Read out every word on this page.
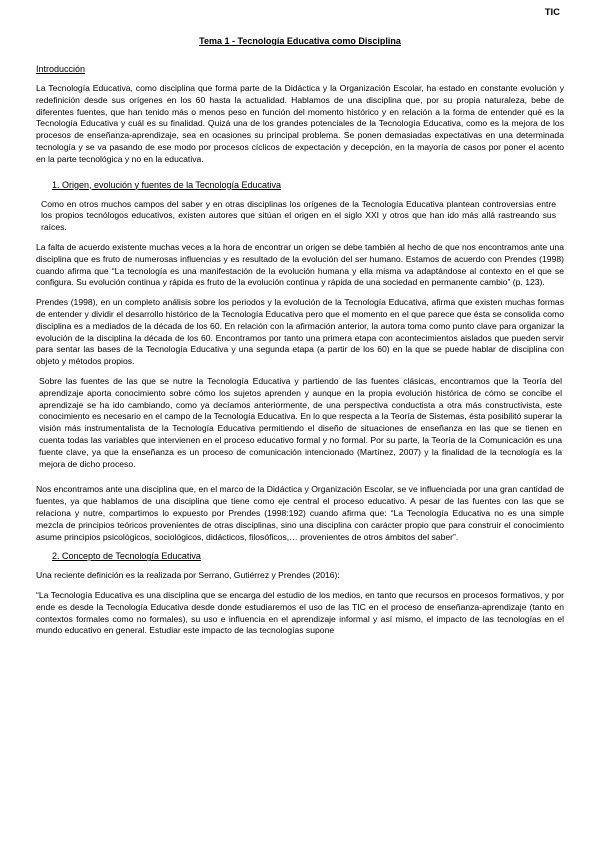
TIC
Tema 1 - Tecnología Educativa como Disciplina
Introducción

La Tecnología Educativa, como disciplina que forma parte de la Didáctica y la Organización Escolar, ha estado en constante evolución y redefinición desde sus orígenes en los 60 hasta la actualidad. Hablamos de una disciplina que, por su propia naturaleza, bebe de diferentes fuentes, que han tenido más o menos peso en función del momento histórico y en relación a la forma de entender qué es la Tecnología Educativa y cuál es su finalidad. Quizá una de los grandes potenciales de la Tecnología Educativa, como es la mejora de los procesos de enseñanza-aprendizaje, sea en ocasiones su principal problema. Se ponen demasiadas expectativas en una determinada tecnología y se va pasando de ese modo por procesos cíclicos de expectación y decepción, en la mayoría de casos por poner el acento en la parte tecnológica y no en la educativa.

1. Origen, evolución y fuentes de la Tecnología Educativa

Como en otros muchos campos del saber y en otras disciplinas los orígenes de la Tecnología Educativa plantean controversias entre los propios tecnólogos educativos, existen autores que sitúan el origen en el siglo XXI y otros que han ido más allá rastreando sus raíces.

La falta de acuerdo existente muchas veces a la hora de encontrar un origen se debe también al hecho de que nos encontramos ante una disciplina que es fruto de numerosas influencias y es resultado de la evolución del ser humano. Estamos de acuerdo con Prendes (1998) cuando afirma que “La tecnología es una manifestación de la evolución humana y ella misma va adaptándose al contexto en el que se configura. Su evolución continua y rápida es fruto de la evolución continua y rápida de una sociedad en permanente cambio” (p. 123).

Prendes (1998), en un completo análisis sobre los periodos y la evolución de la Tecnología Educativa, afirma que existen muchas formas de entender y dividir el desarrollo histórico de la Tecnología Educativa pero que el momento en el que parece que ésta se consolida como disciplina es a mediados de la década de los 60. En relación con la afirmación anterior, la autora toma como punto clave para organizar la evolución de la disciplina la década de los 60. Encontramos por tanto una primera etapa con acontecimientos aislados que pueden servir para sentar las bases de la Tecnología Educativa y una segunda etapa (a partir de los 60) en la que se puede hablar de disciplina con objeto y métodos propios.

Sobre las fuentes de las que se nutre la Tecnología Educativa y partiendo de las fuentes clásicas, encontramos que la Teoría del aprendizaje aporta conocimiento sobre cómo los sujetos aprenden y aunque en la propia evolución histórica de cómo se concibe el aprendizaje se ha ido cambiando, como ya decíamos anteriormente, de una perspectiva conductista a otra más constructivista, este conocimiento es necesario en el campo de la Tecnología Educativa. En lo que respecta a la Teoría de Sistemas, ésta posibilitó superar la visión más instrumentalista de la Tecnología Educativa permitiendo el diseño de situaciones de enseñanza en las que se tienen en cuenta todas las variables que intervienen en el proceso educativo formal y no formal. Por su parte, la Teoría de la Comunicación es una fuente clave, ya que la enseñanza es un proceso de comunicación intencionado (Martínez, 2007) y la finalidad de la tecnología es la mejora de dicho proceso.

Nos encontramos ante una disciplina que, en el marco de la Didáctica y Organización Escolar, se ve influenciada por una gran cantidad de fuentes, ya que hablamos de una disciplina que tiene como eje central el proceso educativo. A pesar de las fuentes con las que se relaciona y nutre, compartimos lo expuesto por Prendes (1998:192) cuando afirma que: “La Tecnología Educativa no es una simple mezcla de principios teóricos provenientes de otras disciplinas, sino una disciplina con carácter propio que para construir el conocimiento asume principios psicológicos, sociológicos, didácticos, filosóficos,… provenientes de otros ámbitos del saber”.

2. Concepto de Tecnología Educativa

Una reciente definición es la realizada por Serrano, Gutiérrez y Prendes (2016):

“La Tecnología Educativa es una disciplina que se encarga del estudio de los medios, en tanto que recursos en procesos formativos, y por ende es desde la Tecnología Educativa desde donde estudiaremos el uso de las TIC en el proceso de enseñanza-aprendizaje (tanto en contextos formales como no formales), su uso e influencia en el aprendizaje informal y así mismo, el impacto de las tecnologías en el mundo educativo en general. Estudiar este impacto de las tecnologías supone
